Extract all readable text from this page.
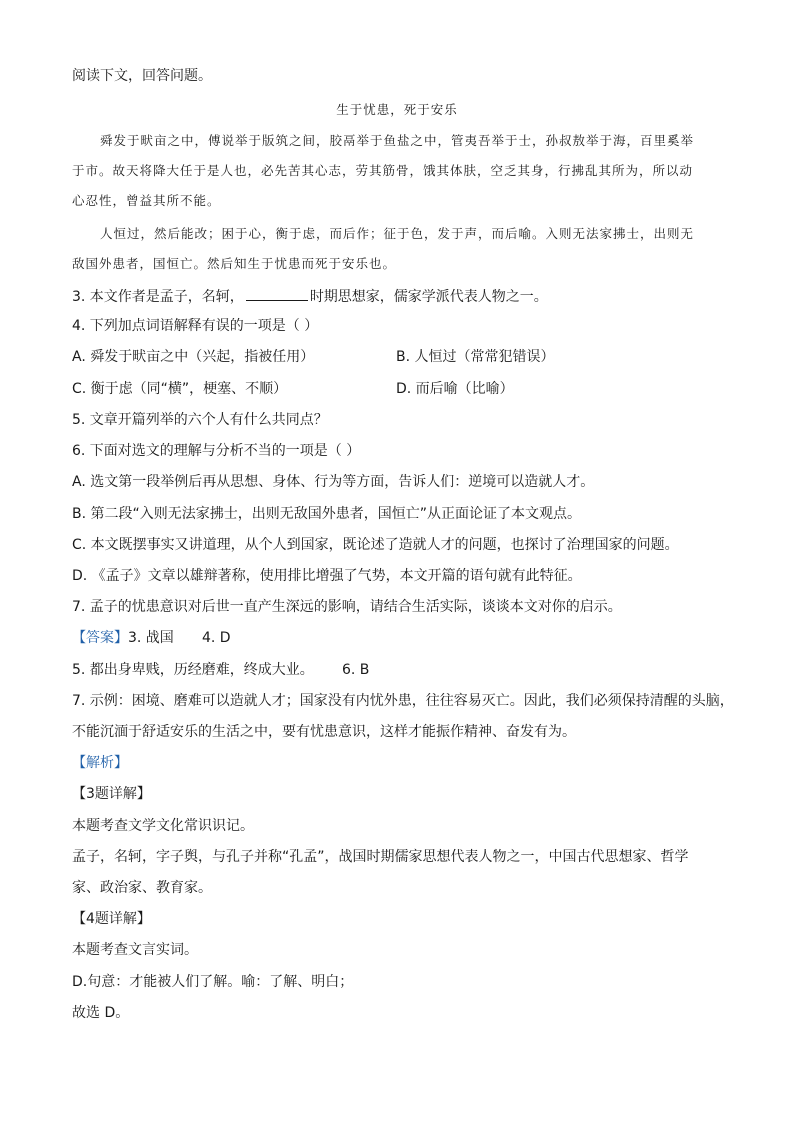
阅读下文，回答问题。
生于忧患，死于安乐
舜发于畎亩之中，傅说举于版筑之间，胶鬲举于鱼盐之中，管夷吾举于士，孙叔敖举于海，百里奚举
于市。故天将降大任于是人也，必先苦其心志，劳其筋骨，饿其体肤，空乏其身，行拂乱其所为，所以动
心忍性，曾益其所不能。
人恒过，然后能改；困于心，衡于虑，而后作；征于色，发于声，而后喻。入则无法家拂士，出则无
敌国外患者，国恒亡。然后知生于忧患而死于安乐也。
3. 本文作者是孟子，名轲，	时期思想家，儒家学派代表人物之一。
4. 下列加点词语解释有误的一项是（ ）
A. 舜发于畎亩之中（兴起，指被任用）	B. 人恒过（常常犯错误）
C. 衡于虑（同“横”，梗塞、不顺）	D. 而后喻（比喻）
5. 文章开篇列举的六个人有什么共同点？
6. 下面对选文的理解与分析不当的一项是（ ）
A. 选文第一段举例后再从思想、身体、行为等方面，告诉人们：逆境可以造就人才。
B. 第二段“入则无法家拂士，出则无敌国外患者，国恒亡”从正面论证了本文观点。
C. 本文既摆事实又讲道理，从个人到国家，既论述了造就人才的问题，也探讨了治理国家的问题。
D. 《孟子》文章以雄辩著称，使用排比增强了气势，本文开篇的语句就有此特征。
7. 孟子的忧患意识对后世一直产生深远的影响，请结合生活实际，谈谈本文对你的启示。
【答案】3. 战国 4. D
5. 都出身卑贱，历经磨难，终成大业。 6. B
7. 示例：困境、磨难可以造就人才；国家没有内忧外患，往往容易灭亡。因此，我们必须保持清醒的头脑，
不能沉湎于舒适安乐的生活之中，要有忧患意识，这样才能振作精神、奋发有为。
【解析】
【3题详解】
本题考查文学文化常识识记。
孟子，名轲，字子舆，与孔子并称“孔孟”，战国时期儒家思想代表人物之一，中国古代思想家、哲学
家、政治家、教育家。
【4题详解】
本题考查文言实词。
D.句意：才能被人们了解。喻：了解、明白；
故选 D。
